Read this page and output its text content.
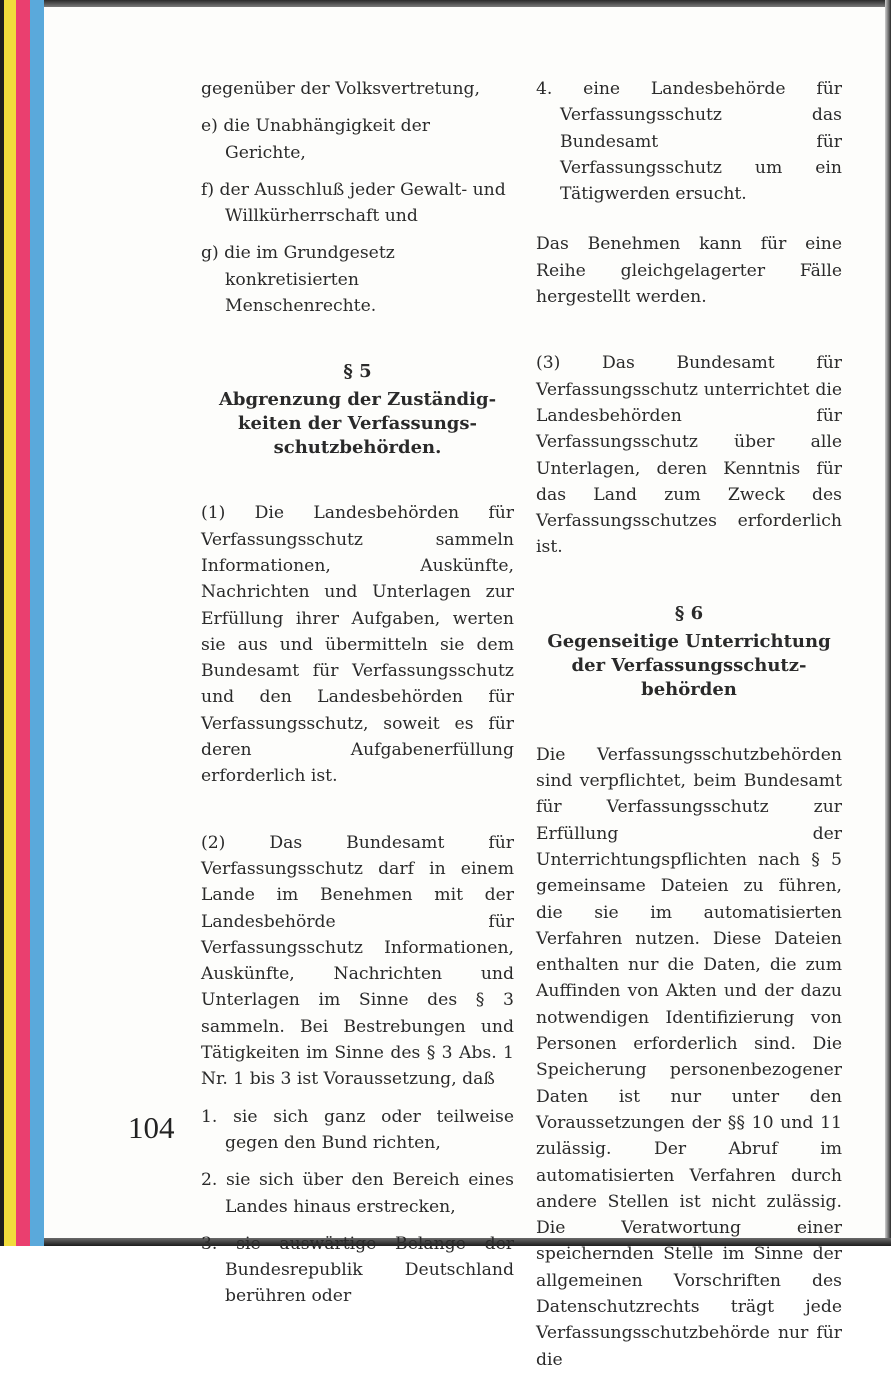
gegenüber der Volksvertretung,

e) die Unabhängigkeit der Gerichte,

f) der Ausschluß jeder Gewalt- und Willkürherrschaft und

g) die im Grundgesetz konkretisierten Menschenrechte.

§ 5
Abgrenzung der Zuständig-
keiten der Verfassungs-
schutzbehörden.

(1) Die Landesbehörden für Verfassungsschutz sammeln Informationen, Auskünfte, Nachrichten und Unterlagen zur Erfüllung ihrer Aufgaben, werten sie aus und übermitteln sie dem Bundesamt für Verfassungsschutz und den Landesbehörden für Verfassungsschutz, soweit es für deren Aufgabenerfüllung erforderlich ist.

(2) Das Bundesamt für Verfassungsschutz darf in einem Lande im Benehmen mit der Landesbehörde für Verfassungsschutz Informationen, Auskünfte, Nachrichten und Unterlagen im Sinne des § 3 sammeln. Bei Bestrebungen und Tätigkeiten im Sinne des § 3 Abs. 1 Nr. 1 bis 3 ist Voraussetzung, daß

1. sie sich ganz oder teilweise gegen den Bund richten,

2. sie sich über den Bereich eines Landes hinaus erstrecken,

3. sie auswärtige Belange der Bundesrepublik Deutschland berühren oder

4. eine Landesbehörde für Verfassungsschutz das Bundesamt für Verfassungsschutz um ein Tätigwerden ersucht.

Das Benehmen kann für eine Reihe gleichgelagerter Fälle hergestellt werden.

(3) Das Bundesamt für Verfassungsschutz unterrichtet die Landesbehörden für Verfassungsschutz über alle Unterlagen, deren Kenntnis für das Land zum Zweck des Verfassungsschutzes erforderlich ist.

§ 6
Gegenseitige Unterrichtung
der Verfassungsschutz-
behörden

Die Verfassungsschutzbehörden sind verpflichtet, beim Bundesamt für Verfassungsschutz zur Erfüllung der Unterrichtungspflichten nach § 5 gemeinsame Dateien zu führen, die sie im automatisierten Verfahren nutzen. Diese Dateien enthalten nur die Daten, die zum Auffinden von Akten und der dazu notwendigen Identifizierung von Personen erforderlich sind. Die Speicherung personenbezogener Daten ist nur unter den Voraussetzungen der §§ 10 und 11 zulässig. Der Abruf im automatisierten Verfahren durch andere Stellen ist nicht zulässig. Die Veratwortung einer speichernden Stelle im Sinne der allgemeinen Vorschriften des Datenschutzrechts trägt jede Verfassungsschutzbehörde nur für die

104
